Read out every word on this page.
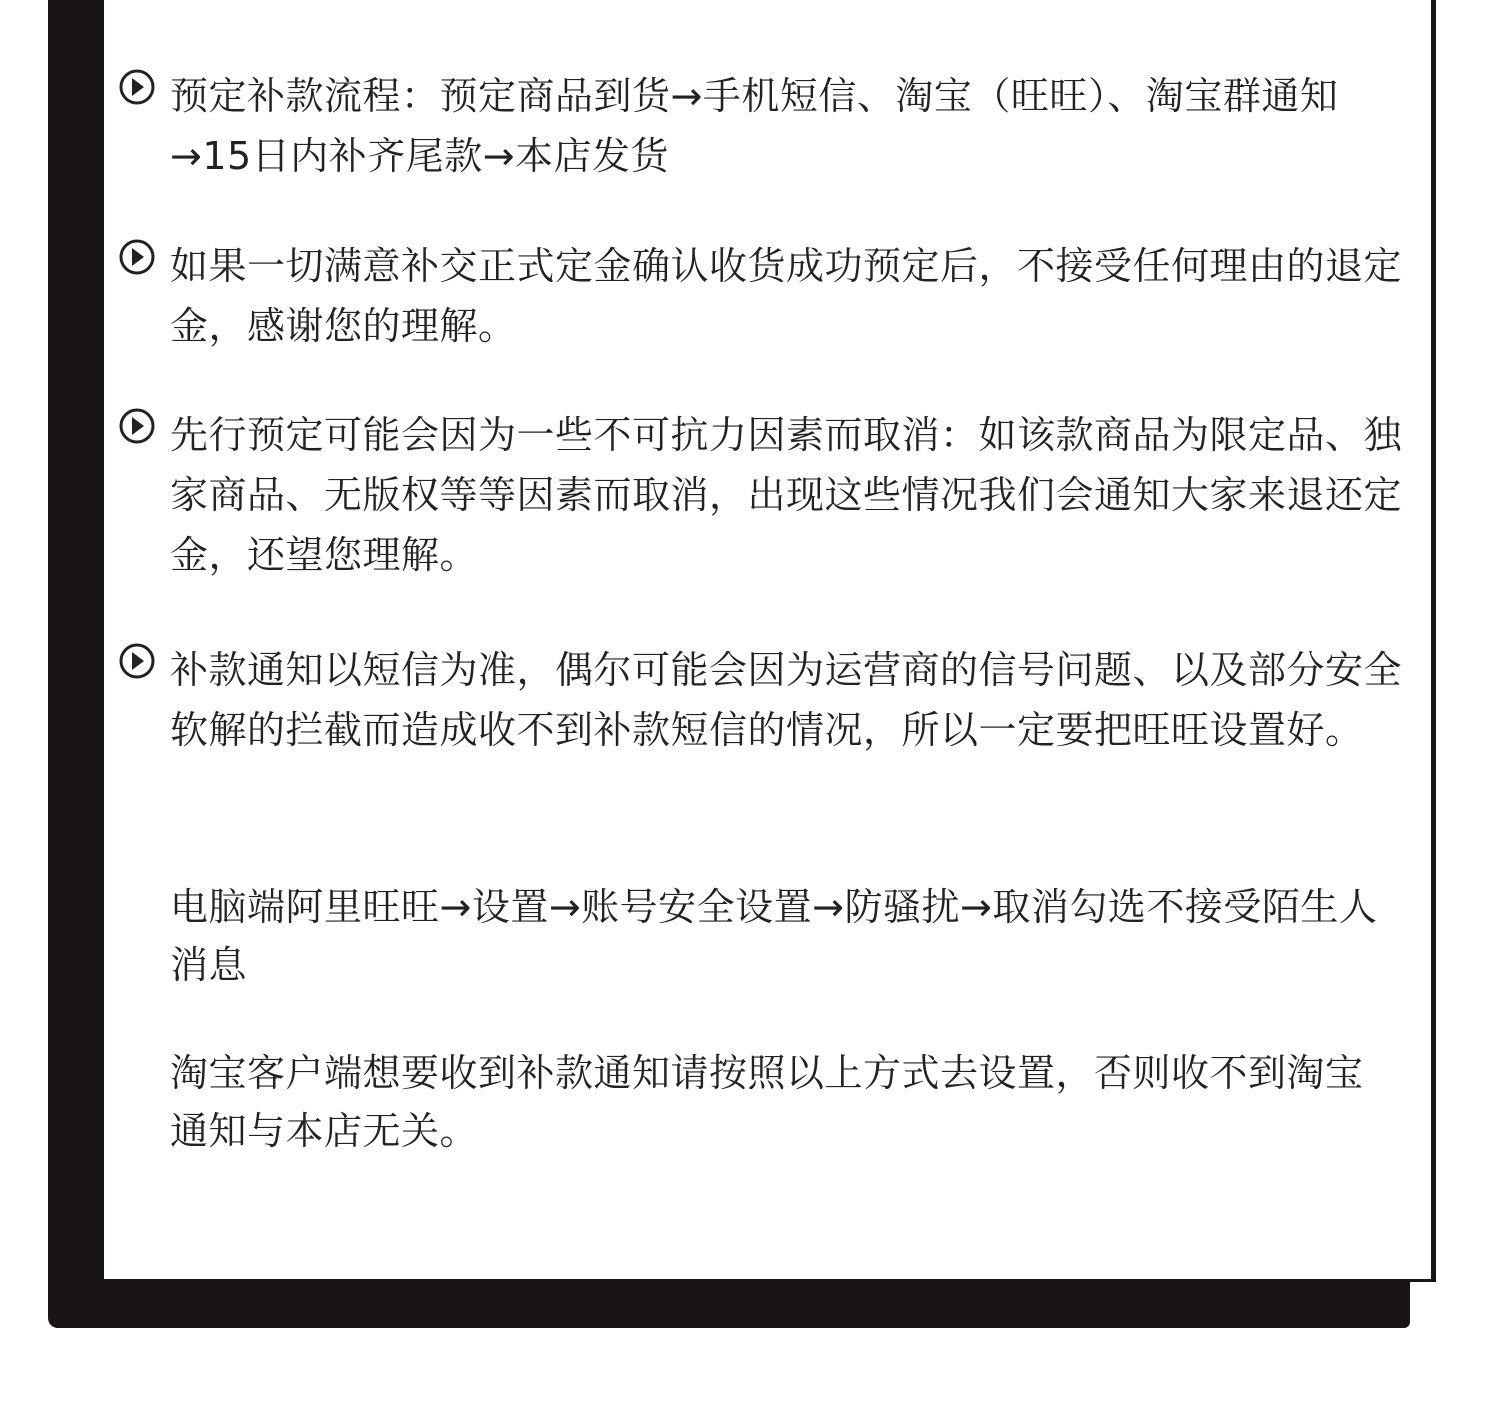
预定补款流程：预定商品到货→手机短信、淘宝（旺旺）、淘宝群通知→15日内补齐尾款→本店发货
如果一切满意补交正式定金确认收货成功预定后，不接受任何理由的退定金，感谢您的理解。
先行预定可能会因为一些不可抗力因素而取消：如该款商品为限定品、独家商品、无版权等等因素而取消，出现这些情况我们会通知大家来退还定金，还望您理解。
补款通知以短信为准，偶尔可能会因为运营商的信号问题、以及部分安全软解的拦截而造成收不到补款短信的情况，所以一定要把旺旺设置好。
电脑端阿里旺旺→设置→账号安全设置→防骚扰→取消勾选不接受陌生人消息
淘宝客户端想要收到补款通知请按照以上方式去设置，否则收不到淘宝通知与本店无关。
